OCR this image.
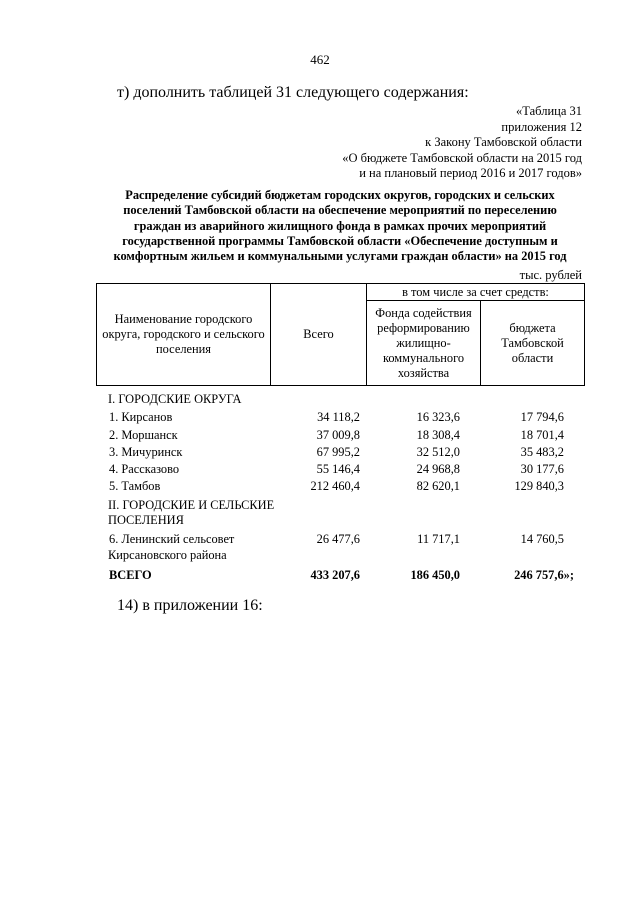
462
т) дополнить таблицей 31 следующего содержания:
«Таблица 31
приложения 12
к Закону Тамбовской области
«О бюджете Тамбовской области на 2015 год
и на плановый период 2016 и 2017 годов»
Распределение субсидий бюджетам городских округов, городских и сельских
поселений Тамбовской области на обеспечение мероприятий по переселению
граждан из аварийного жилищного фонда в рамках прочих мероприятий
государственной программы Тамбовской области «Обеспечение доступным и
комфортным жильем и коммунальными услугами граждан области» на 2015 год
тыс. рублей
Наименование городского округа, городского и сельского поселения	Всего	в том числе за счет средств:	
		Фонда содействия реформированию жилищно-коммунального хозяйства	бюджета Тамбовской области
I. ГОРОДСКИЕ ОКРУГА
1. Кирсанов	34 118,2	16 323,6	17 794,6
2. Моршанск	37 009,8	18 308,4	18 701,4
3. Мичуринск	67 995,2	32 512,0	35 483,2
4. Рассказово	55 146,4	24 968,8	30 177,6
5. Тамбов	212 460,4	82 620,1	129 840,3
II. ГОРОДСКИЕ И СЕЛЬСКИЕ
ПОСЕЛЕНИЯ
6. Ленинский сельсовет	26 477,6	11 717,1	14 760,5
Кирсановского района
ВСЕГО	433 207,6	186 450,0	246 757,6»;
14) в приложении 16:
